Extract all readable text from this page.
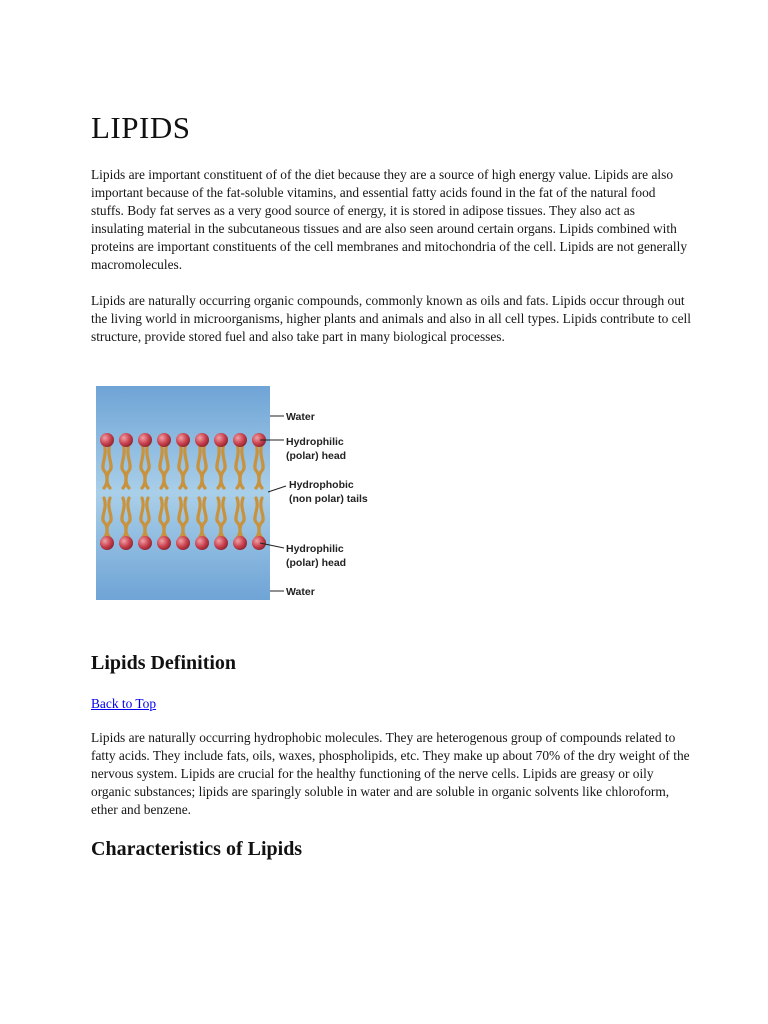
LIPIDS

Lipids are important constituent of of the diet because they are a source of high energy value. Lipids are also important because of the fat-soluble vitamins, and essential fatty acids found in the fat of the natural food stuffs. Body fat serves as a very good source of energy, it is stored in adipose tissues. They also act as insulating material in the subcutaneous tissues and are also seen around certain organs. Lipids combined with proteins are important constituents of the cell membranes and mitochondria of the cell. Lipids are not generally macromolecules.

Lipids are naturally occurring organic compounds, commonly known as oils and fats. Lipids occur through out the living world in microorganisms, higher plants and animals and also in all cell types. Lipids contribute to cell structure, provide stored fuel and also take part in many biological processes.

Water
Hydrophilic
(polar) head
Hydrophobic
(non polar) tails
Hydrophilic
(polar) head
Water
Lipids Definition
Back to Top

Lipids are naturally occurring hydrophobic molecules. They are heterogenous group of compounds related to fatty acids. They include fats, oils, waxes, phospholipids, etc. They make up about 70% of the dry weight of the nervous system. Lipids are crucial for the healthy functioning of the nerve cells. Lipids are greasy or oily organic substances; lipids are sparingly soluble in water and are soluble in organic solvents like chloroform, ether and benzene.

Characteristics of Lipids
